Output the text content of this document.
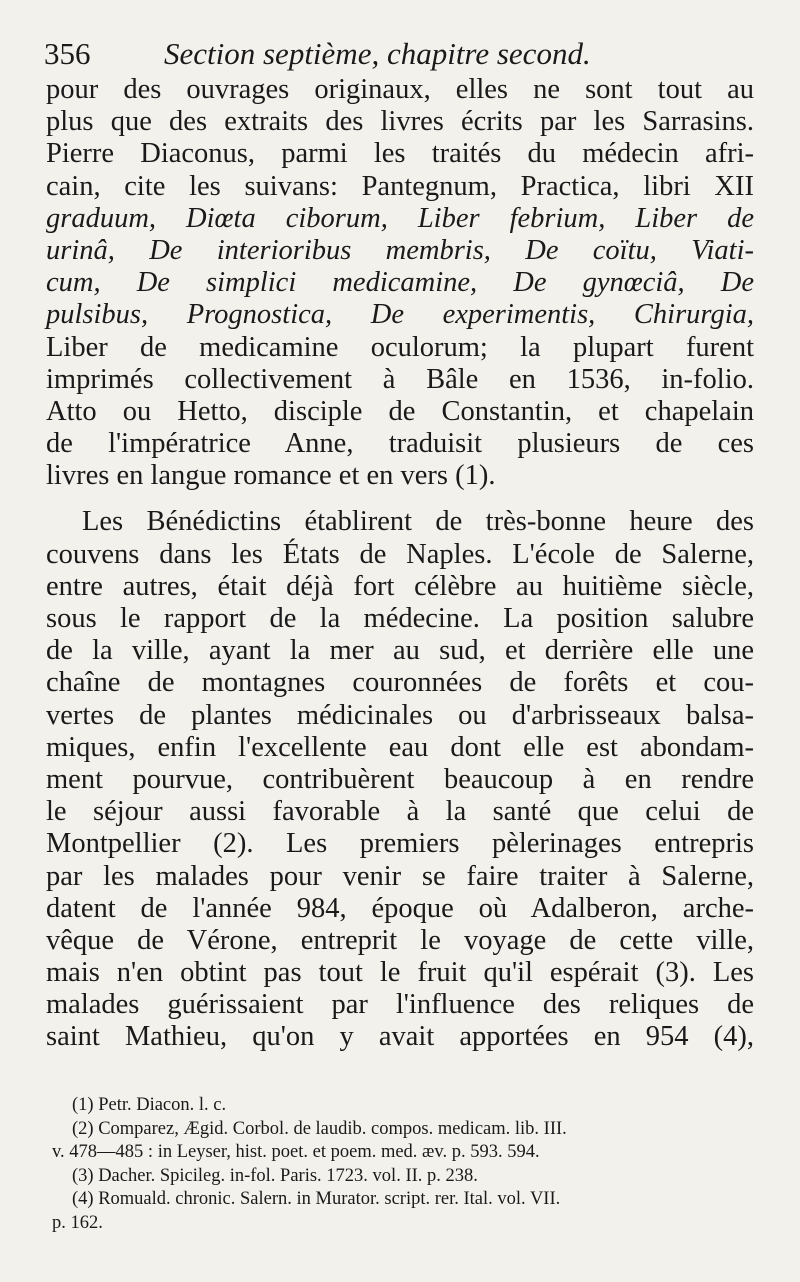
356 Section septième, chapitre second.
pour des ouvrages originaux, elles ne sont tout au
plus que des extraits des livres écrits par les Sarrasins.
Pierre Diaconus, parmi les traités du médecin afri-
cain, cite les suivans: Pantegnum, Practica, libri XII
graduum, Diœta ciborum, Liber febrium, Liber de
urinâ, De interioribus membris, De coïtu, Viati-
cum, De simplici medicamine, De gynœciâ, De
pulsibus, Prognostica, De experimentis, Chirurgia,
Liber de medicamine oculorum; la plupart furent
imprimés collectivement à Bâle en 1536, in-folio.
Atto ou Hetto, disciple de Constantin, et chapelain
de l'impératrice Anne, traduisit plusieurs de ces
livres en langue romance et en vers (1).
Les Bénédictins établirent de très-bonne heure des
couvens dans les États de Naples. L'école de Salerne,
entre autres, était déjà fort célèbre au huitième siècle,
sous le rapport de la médecine. La position salubre
de la ville, ayant la mer au sud, et derrière elle une
chaîne de montagnes couronnées de forêts et cou-
vertes de plantes médicinales ou d'arbrisseaux balsa-
miques, enfin l'excellente eau dont elle est abondam-
ment pourvue, contribuèrent beaucoup à en rendre
le séjour aussi favorable à la santé que celui de
Montpellier (2). Les premiers pèlerinages entrepris
par les malades pour venir se faire traiter à Salerne,
datent de l'année 984, époque où Adalberon, arche-
vêque de Vérone, entreprit le voyage de cette ville,
mais n'en obtint pas tout le fruit qu'il espérait (3). Les
malades guérissaient par l'influence des reliques de
saint Mathieu, qu'on y avait apportées en 954 (4),
(1) Petr. Diacon. l. c.
(2) Comparez, Ægid. Corbol. de laudib. compos. medicam. lib. III.
v. 478—485 : in Leyser, hist. poet. et poem. med. æv. p. 593. 594.
(3) Dacher. Spicileg. in-fol. Paris. 1723. vol. II. p. 238.
(4) Romuald. chronic. Salern. in Murator. script. rer. Ital. vol. VII.
p. 162.
